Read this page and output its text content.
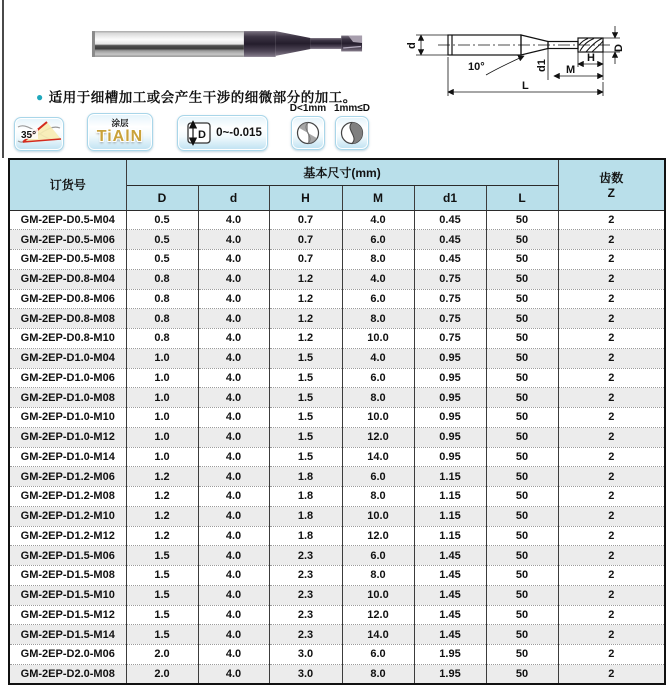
d
10°	d1
H
M
D
L
● 适用于细槽加工或会产生干涉的细微部分的加工。
35°
涂层
TiAlN	D 0~-0.015
D<1mm 1mm≤D
订货号	基本尺寸(mm)						齿数
Z
	D	d	H	M	d1	L	
GM-2EP-D0.5-M04	0.5	4.0	0.7	4.0	0.45	50	2
GM-2EP-D0.5-M06	0.5	4.0	0.7	6.0	0.45	50	2
GM-2EP-D0.5-M08	0.5	4.0	0.7	8.0	0.45	50	2
GM-2EP-D0.8-M04	0.8	4.0	1.2	4.0	0.75	50	2
GM-2EP-D0.8-M06	0.8	4.0	1.2	6.0	0.75	50	2
GM-2EP-D0.8-M08	0.8	4.0	1.2	8.0	0.75	50	2
GM-2EP-D0.8-M10	0.8	4.0	1.2	10.0	0.75	50	2
GM-2EP-D1.0-M04	1.0	4.0	1.5	4.0	0.95	50	2
GM-2EP-D1.0-M06	1.0	4.0	1.5	6.0	0.95	50	2
GM-2EP-D1.0-M08	1.0	4.0	1.5	8.0	0.95	50	2
GM-2EP-D1.0-M10	1.0	4.0	1.5	10.0	0.95	50	2
GM-2EP-D1.0-M12	1.0	4.0	1.5	12.0	0.95	50	2
GM-2EP-D1.0-M14	1.0	4.0	1.5	14.0	0.95	50	2
GM-2EP-D1.2-M06	1.2	4.0	1.8	6.0	1.15	50	2
GM-2EP-D1.2-M08	1.2	4.0	1.8	8.0	1.15	50	2
GM-2EP-D1.2-M10	1.2	4.0	1.8	10.0	1.15	50	2
GM-2EP-D1.2-M12	1.2	4.0	1.8	12.0	1.15	50	2
GM-2EP-D1.5-M06	1.5	4.0	2.3	6.0	1.45	50	2
GM-2EP-D1.5-M08	1.5	4.0	2.3	8.0	1.45	50	2
GM-2EP-D1.5-M10	1.5	4.0	2.3	10.0	1.45	50	2
GM-2EP-D1.5-M12	1.5	4.0	2.3	12.0	1.45	50	2
GM-2EP-D1.5-M14	1.5	4.0	2.3	14.0	1.45	50	2
GM-2EP-D2.0-M06	2.0	4.0	3.0	6.0	1.95	50	2
GM-2EP-D2.0-M08	2.0	4.0	3.0	8.0	1.95	50	2
